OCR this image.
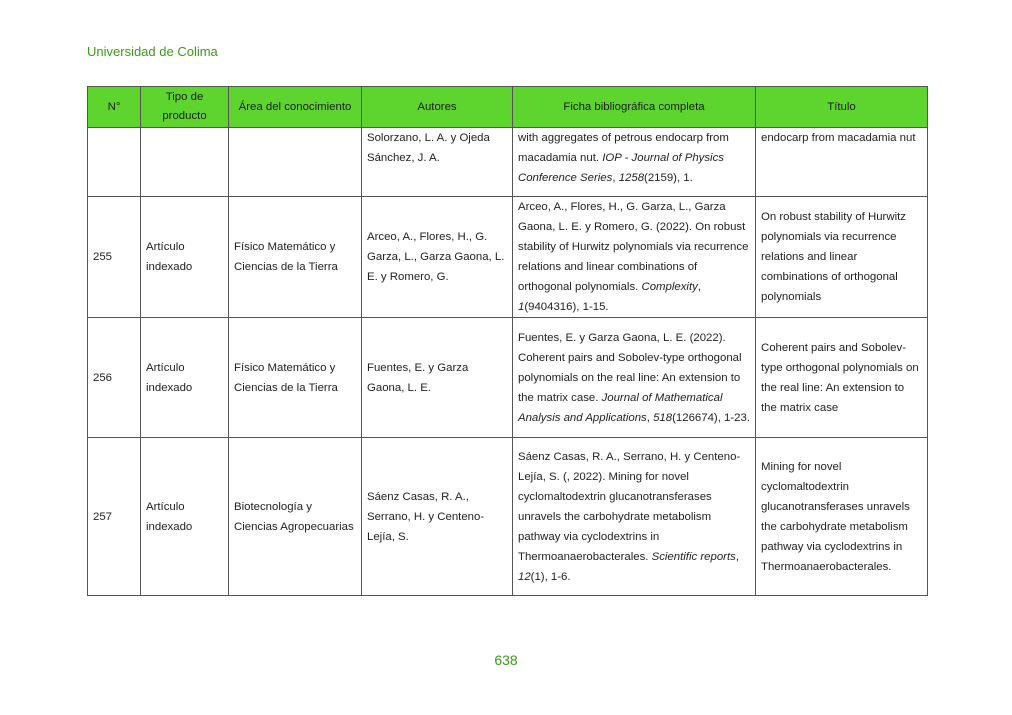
Universidad de Colima
N°	Tipo de producto	Área del conocimiento	Autores	Ficha bibliográfica completa	Título
			Solorzano, L. A. y Ojeda Sánchez, J. A.	with aggregates of petrous endocarp from macadamia nut. IOP - Journal of Physics Conference Series, 1258(2159), 1.	endocarp from macadamia nut
255	Artículo indexado	Físico Matemático y Ciencias de la Tierra	Arceo, A., Flores, H., G. Garza, L., Garza Gaona, L. E. y Romero, G.	Arceo, A., Flores, H., G. Garza, L., Garza Gaona, L. E. y Romero, G. (2022). On robust stability of Hurwitz polynomials via recurrence relations and linear combinations of orthogonal polynomials. Complexity, 1(9404316), 1-15.	On robust stability of Hurwitz polynomials via recurrence relations and linear combinations of orthogonal polynomials
256	Artículo indexado	Físico Matemático y Ciencias de la Tierra	Fuentes, E. y Garza Gaona, L. E.	Fuentes, E. y Garza Gaona, L. E. (2022). Coherent pairs and Sobolev-type orthogonal polynomials on the real line: An extension to the matrix case. Journal of Mathematical Analysis and Applications, 518(126674), 1-23.	Coherent pairs and Sobolev-type orthogonal polynomials on the real line: An extension to the matrix case
257	Artículo indexado	Biotecnología y Ciencias Agropecuarias	Sáenz Casas, R. A., Serrano, H. y Centeno-Lejía, S.	Sáenz Casas, R. A., Serrano, H. y Centeno-Lejía, S. (, 2022). Mining for novel cyclomaltodextrin glucanotransferases unravels the carbohydrate metabolism pathway via cyclodextrins in Thermoanaerobacterales. Scientific reports, 12(1), 1-6.	Mining for novel cyclomaltodextrin glucanotransferases unravels the carbohydrate metabolism pathway via cyclodextrins in Thermoanaerobacterales.
638
